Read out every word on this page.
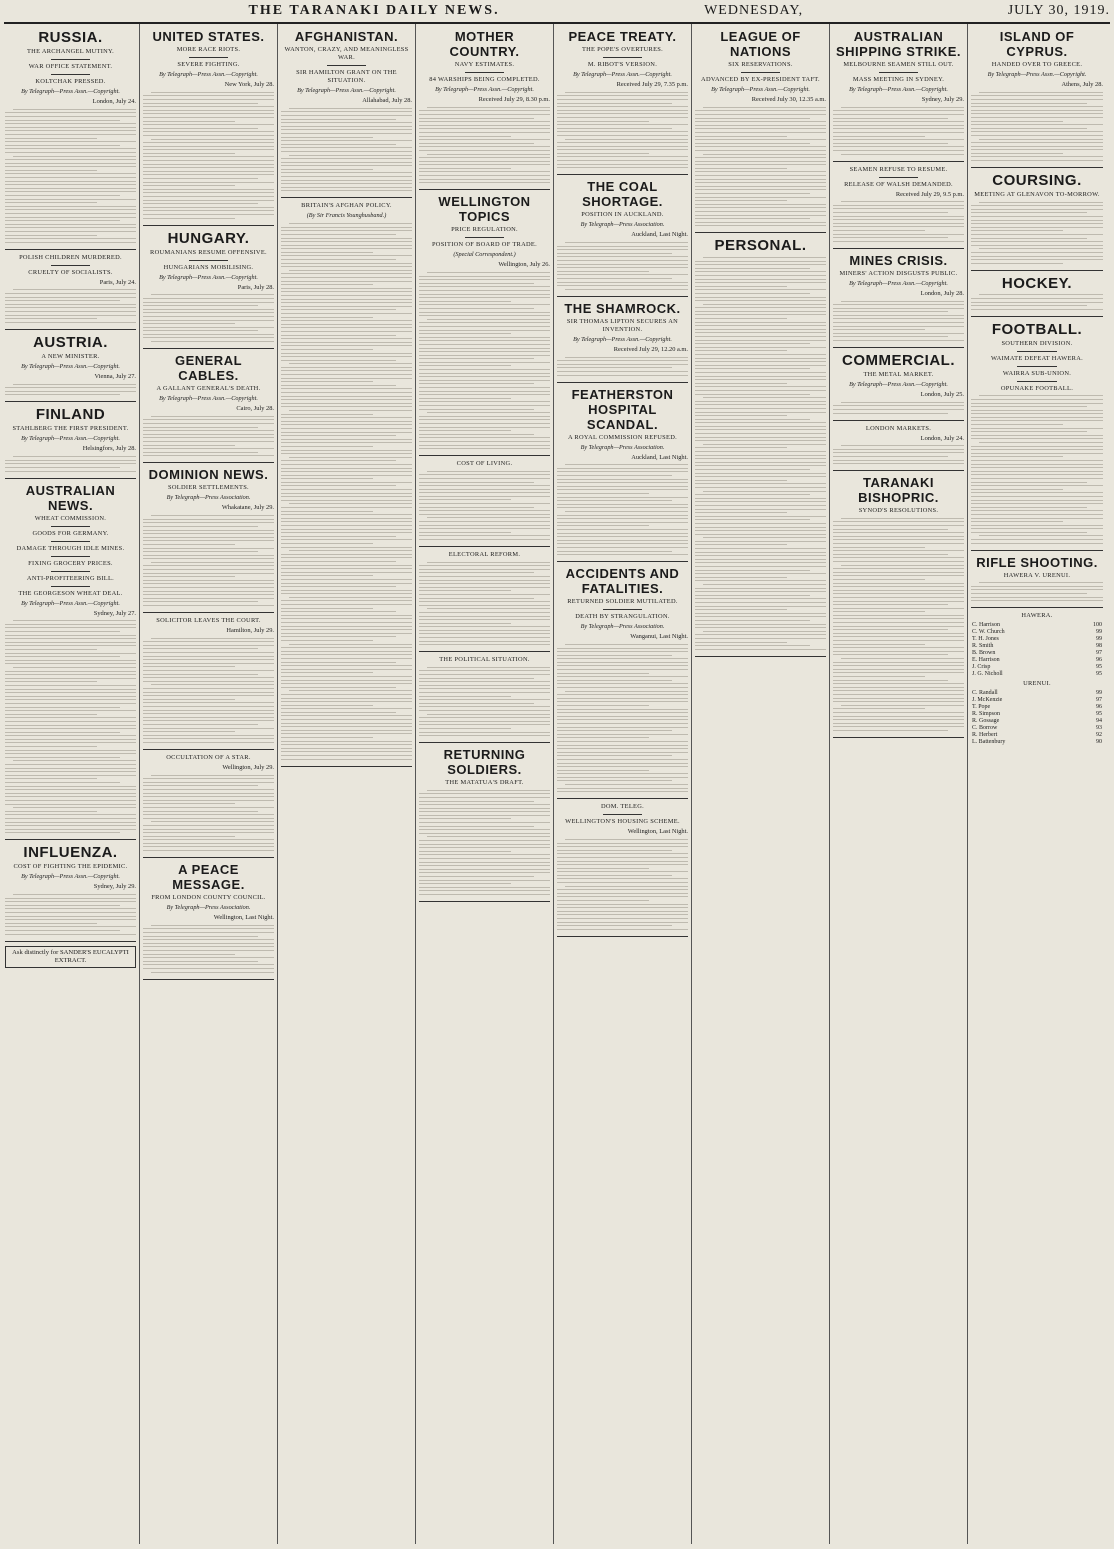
THE TARANAKI DAILY NEWS.	WEDNESDAY,	JULY 30, 1919.
RUSSIA.
THE ARCHANGEL MUTINY.
WAR OFFICE STATEMENT.
KOLTCHAK PRESSED.
By Telegraph—Press Assn.—Copyright.
London, July 24.
POLISH CHILDREN MURDERED.
CRUELTY OF SOCIALISTS.
Paris, July 24.
AUSTRIA.
A NEW MINISTER.
By Telegraph—Press Assn.—Copyright.
Vienna, July 27.
FINLAND
STAHLBERG THE FIRST PRESIDENT.
By Telegraph—Press Assn.—Copyright.
Helsingfors, July 28.
AUSTRALIAN NEWS.
WHEAT COMMISSION.
GOODS FOR GERMANY.
DAMAGE THROUGH IDLE MINES.
FIXING GROCERY PRICES.
ANTI-PROFITEERING BILL.
THE GEORGESON WHEAT DEAL.
By Telegraph—Press Assn.—Copyright.
Sydney, July 27.
INFLUENZA.
COST OF FIGHTING THE EPIDEMIC.
By Telegraph—Press Assn.—Copyright.
Sydney, July 29.
Ask distinctly for SANDER'S EUCALYPTI EXTRACT.
UNITED STATES.
MORE RACE RIOTS.
SEVERE FIGHTING.
By Telegraph—Press Assn.—Copyright.
New York, July 28.
HUNGARY.
ROUMANIANS RESUME OFFENSIVE.
HUNGARIANS MOBILISING.
By Telegraph—Press Assn.—Copyright.
Paris, July 28.
GENERAL CABLES.
A GALLANT GENERAL'S DEATH.
By Telegraph—Press Assn.—Copyright.
Cairo, July 28.
DOMINION NEWS.
SOLDIER SETTLEMENTS.
By Telegraph—Press Association.
Whakatane, July 29.
SOLICITOR LEAVES THE COURT.
Hamilton, July 29.
OCCULTATION OF A STAR.
Wellington, July 29.
A PEACE MESSAGE.
FROM LONDON COUNTY COUNCIL.
By Telegraph—Press Association.
Wellington, Last Night.
AFGHANISTAN.
WANTON, CRAZY, AND MEANINGLESS WAR.
SIR HAMILTON GRANT ON THE SITUATION.
By Telegraph—Press Assn.—Copyright.
Allahabad, July 28.
BRITAIN'S AFGHAN POLICY.
(By Sir Francis Younghusband.)
MOTHER COUNTRY.
NAVY ESTIMATES.
84 WARSHIPS BEING COMPLETED.
By Telegraph—Press Assn.—Copyright.
Received July 29, 8.30 p.m.
WELLINGTON TOPICS
PRICE REGULATION.
POSITION OF BOARD OF TRADE.
(Special Correspondent.)
Wellington, July 26.
COST OF LIVING.
ELECTORAL REFORM.
THE POLITICAL SITUATION.
RETURNING SOLDIERS.
THE MATATUA'S DRAFT.
PEACE TREATY.
THE POPE'S OVERTURES.
M. RIBOT'S VERSION.
By Telegraph—Press Assn.—Copyright.
Received July 29, 7.35 p.m.
THE COAL SHORTAGE.
POSITION IN AUCKLAND.
By Telegraph—Press Association.
Auckland, Last Night.
THE SHAMROCK.
SIR THOMAS LIPTON SECURES AN INVENTION.
By Telegraph—Press Assn.—Copyright.
Received July 29, 12.20 a.m.
FEATHERSTON HOSPITAL SCANDAL.
A ROYAL COMMISSION REFUSED.
By Telegraph—Press Association.
Auckland, Last Night.
ACCIDENTS AND FATALITIES.
RETURNED SOLDIER MUTILATED.
DEATH BY STRANGULATION.
By Telegraph—Press Association.
Wanganui, Last Night.
DOM. TELEG.
WELLINGTON'S HOUSING SCHEME.
Wellington, Last Night.
LEAGUE OF NATIONS
SIX RESERVATIONS.
ADVANCED BY EX-PRESIDENT TAFT.
By Telegraph—Press Assn.—Copyright.
Received July 30, 12.35 a.m.
PERSONAL.
AUSTRALIAN SHIPPING STRIKE.
MELBOURNE SEAMEN STILL OUT.
MASS MEETING IN SYDNEY.
By Telegraph—Press Assn.—Copyright.
Sydney, July 29.
SEAMEN REFUSE TO RESUME.
RELEASE OF WALSH DEMANDED.
Received July 29, 9.5 p.m.
MINES CRISIS.
MINERS' ACTION DISGUSTS PUBLIC.
By Telegraph—Press Assn.—Copyright.
London, July 28.
COMMERCIAL.
THE METAL MARKET.
By Telegraph—Press Assn.—Copyright.
London, July 25.
LONDON MARKETS.
London, July 24.
TARANAKI BISHOPRIC.
SYNOD'S RESOLUTIONS.
ISLAND OF CYPRUS.
HANDED OVER TO GREECE.
By Telegraph—Press Assn.—Copyright.
Athens, July 28.
COURSING.
MEETING AT GLENAVON TO-MORROW.
HOCKEY.
FOOTBALL.
SOUTHERN DIVISION.
WAIMATE DEFEAT HAWERA.
WAIRRA SUB-UNION.
OPUNAKE FOOTBALL.
RIFLE SHOOTING.
HAWERA V. URENUI.
HAWERA.
C. Harrison	100
C. W. Church	99
T. H. Jones	99
R. Smith	98
B. Brown	97
E. Harrison	96
J. Crisp	95
J. G. Nicholl	95
URENUI.
C. Randall	99
J. McKenzie	97
T. Pope	96
R. Simpson	95
R. Gossage	94
C. Borrow	93
R. Herbert	92
L. Battenbury	90
